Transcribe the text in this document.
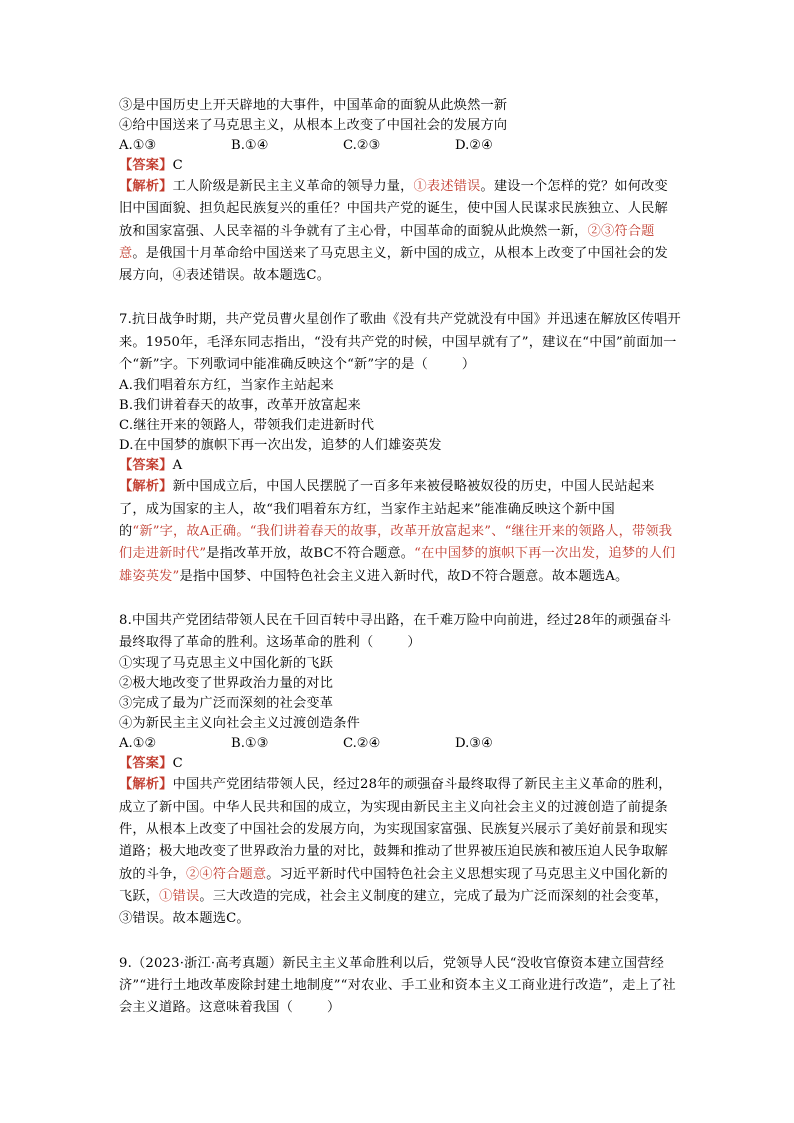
③是中国历史上开天辟地的大事件，中国革命的面貌从此焕然一新
④给中国送来了马克思主义，从根本上改变了中国社会的发展方向
A.①③	B.①④	C.②③	D.②④
【答案】C
【解析】工人阶级是新民主主义革命的领导力量，①表述错误。建设一个怎样的党？如何改变旧中国面貌、担负起民族复兴的重任？中国共产党的诞生，使中国人民谋求民族独立、人民解放和国家富强、人民幸福的斗争就有了主心骨，中国革命的面貌从此焕然一新，②③符合题意。是俄国十月革命给中国送来了马克思主义，新中国的成立，从根本上改变了中国社会的发展方向，④表述错误。故本题选C。
7.抗日战争时期，共产党员曹火星创作了歌曲《没有共产党就没有中国》并迅速在解放区传唱开来。1950年，毛泽东同志指出，“没有共产党的时候，中国早就有了”，建议在“中国”前面加一个“新”字。下列歌词中能准确反映这个“新”字的是（	）
A.我们唱着东方红，当家作主站起来
B.我们讲着春天的故事，改革开放富起来
C.继往开来的领路人，带领我们走进新时代
D.在中国梦的旗帜下再一次出发，追梦的人们雄姿英发
【答案】A
【解析】新中国成立后，中国人民摆脱了一百多年来被侵略被奴役的历史，中国人民站起来了，成为国家的主人，故“我们唱着东方红，当家作主站起来”能准确反映这个新中国的“新”字，故A正确。“我们讲着春天的故事，改革开放富起来”、“继往开来的领路人，带领我们走进新时代”是指改革开放，故BC不符合题意。“在中国梦的旗帜下再一次出发，追梦的人们雄姿英发”是指中国梦、中国特色社会主义进入新时代，故D不符合题意。故本题选A。
8.中国共产党团结带领人民在千回百转中寻出路，在千难万险中向前进，经过28年的顽强奋斗最终取得了革命的胜利。这场革命的胜利（	）
①实现了马克思主义中国化新的飞跃
②极大地改变了世界政治力量的对比
③完成了最为广泛而深刻的社会变革
④为新民主主义向社会主义过渡创造条件
A.①②	B.①③	C.②④	D.③④
【答案】C
【解析】中国共产党团结带领人民，经过28年的顽强奋斗最终取得了新民主主义革命的胜利，成立了新中国。中华人民共和国的成立，为实现由新民主主义向社会主义的过渡创造了前提条件，从根本上改变了中国社会的发展方向，为实现国家富强、民族复兴展示了美好前景和现实道路；极大地改变了世界政治力量的对比，鼓舞和推动了世界被压迫民族和被压迫人民争取解放的斗争，②④符合题意。习近平新时代中国特色社会主义思想实现了马克思主义中国化新的飞跃，①错误。三大改造的完成，社会主义制度的建立，完成了最为广泛而深刻的社会变革，③错误。故本题选C。
9.（2023·浙江·高考真题）新民主主义革命胜利以后，党领导人民“没收官僚资本建立国营经济”“进行土地改革废除封建土地制度”“对农业、手工业和资本主义工商业进行改造”，走上了社会主义道路。这意味着我国（	）
